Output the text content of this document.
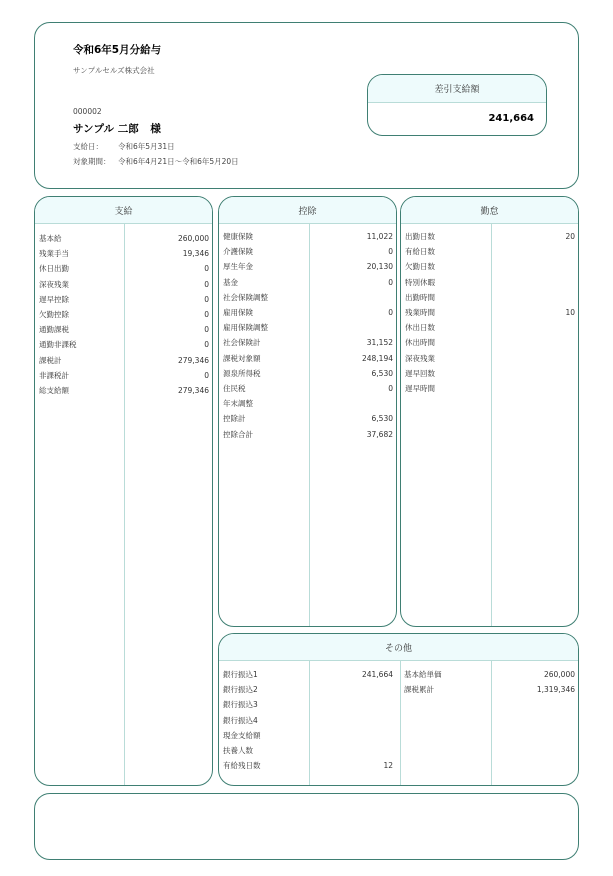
令和6年5月分給与
サンプルセルズ株式会社
000002
サンプル 二郎 様
支給日： 令和6年5月31日
対象期間： 令和6年4月21日～令和6年5月20日
差引支給額
241,664
支給
基本給	260,000
残業手当	19,346
休日出勤	0
深夜残業	0
遅早控除	0
欠勤控除	0
通勤課税	0
通勤非課税	0
課税計	279,346
非課税計	0
総支給額	279,346
控除
健康保険	11,022
介護保険	0
厚生年金	20,130
基金	0
社会保険調整
雇用保険	0
雇用保険調整
社会保険計	31,152
課税対象額	248,194
源泉所得税	6,530
住民税	0
年末調整
控除計	6,530
控除合計	37,682
勤怠
出勤日数	20
有給日数
欠勤日数
特別休暇
出勤時間
残業時間	10
休出日数
休出時間
深夜残業
遅早回数
遅早時間
その他
銀行振込1	241,664
銀行振込2
銀行振込3
銀行振込4
現金支給額
扶養人数
有給残日数	12
基本給単価	260,000
課税累計	1,319,346
